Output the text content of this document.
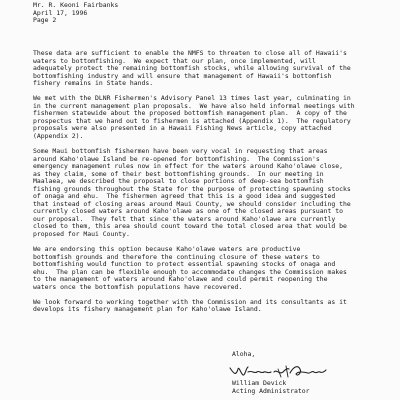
Mr. R. Keoni Fairbanks
April 17, 1996
Page 2
These data are sufficient to enable the NMFS to threaten to close all of Hawaii's
waters to bottomfishing.  We expect that our plan, once implemented, will
adequately protect the remaining bottomfish stocks, while allowing survival of the
bottomfishing industry and will ensure that management of Hawaii's bottomfish
fishery remains in State hands.
We met with the DLNR Fishermen's Advisory Panel 13 times last year, culminating in
in the current management plan proposals.  We have also held informal meetings with
fishermen statewide about the proposed bottomfish management plan.  A copy of the
prospectus that we hand out to fishermen is attached (Appendix 1).  The regulatory
proposals were also presented in a Hawaii Fishing News article, copy attached
(Appendix 2).
Some Maui bottomfish fishermen have been very vocal in requesting that areas
around Kaho'olawe Island be re-opened for bottomfishing.  The Commission's
emergency management rules now in effect for the waters around Kaho'olawe close,
as they claim, some of their best bottomfishing grounds.  In our meeting in
Maalaea, we described the proposal to close portions of deep-sea bottomfish
fishing grounds throughout the State for the purpose of protecting spawning stocks
of onaga and ehu.  The fishermen agreed that this is a good idea and suggested
that instead of closing areas around Maui County, we should consider including the
currently closed waters around Kaho'olawe as one of the closed areas pursuant to
our proposal.  They felt that since the waters around Kaho'olawe are currently
closed to them, this area should count toward the total closed area that would be
proposed for Maui County.
We are endorsing this option because Kaho'olawe waters are productive
bottomfish grounds and therefore the continuing closure of these waters to
bottomfishing would function to protect essential spawning stocks of onaga and
ehu.  The plan can be flexible enough to accommodate changes the Commission makes
to the management of waters around Kaho'olawe and could permit reopening the
waters once the bottomfish populations have recovered.
We look forward to working together with the Commission and its consultants as it
develops its fishery management plan for Kaho'olawe Island.
Aloha,
William Devick
Acting Administrator
